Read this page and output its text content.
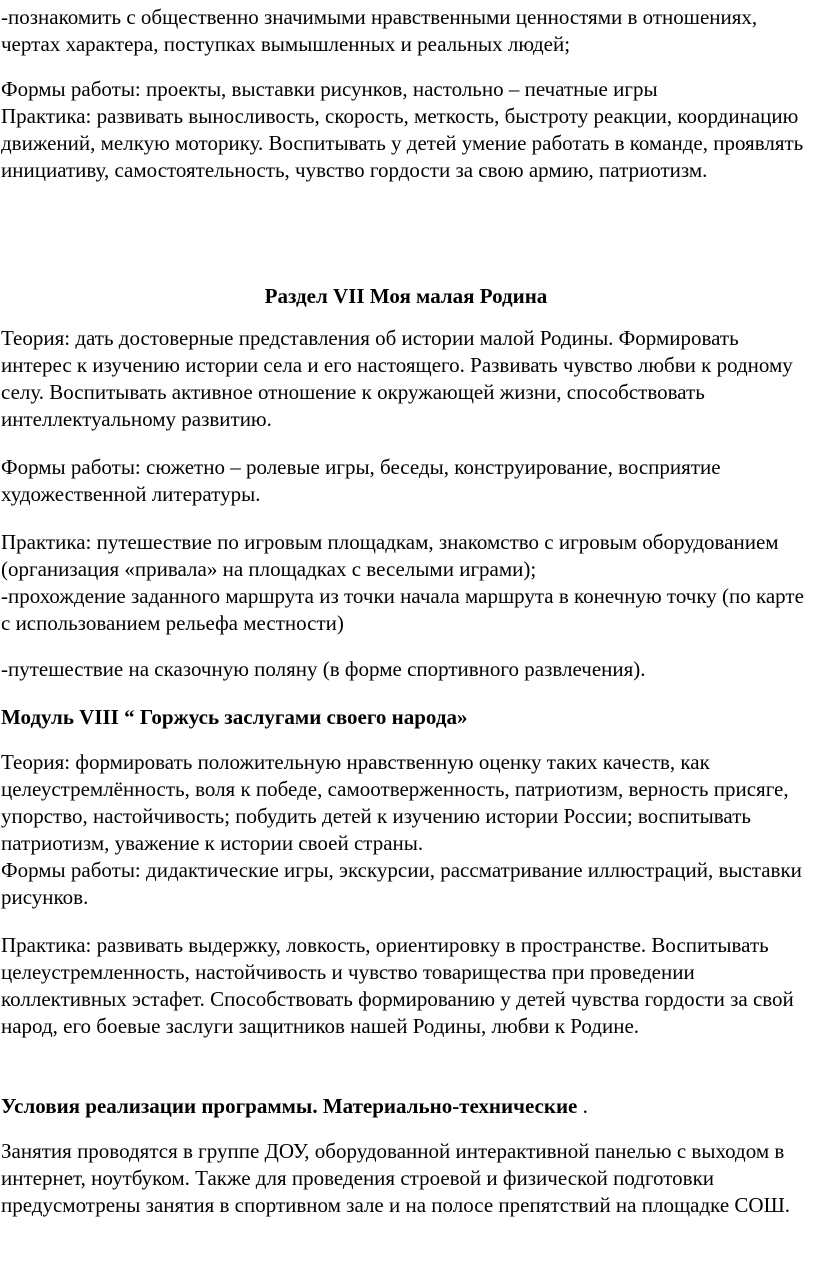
-познакомить с общественно значимыми нравственными ценностями в отношениях, чертах характера, поступках вымышленных и реальных людей;

Формы работы: проекты, выставки рисунков, настольно – печатные игры

Практика: развивать выносливость, скорость, меткость, быстроту реакции, координацию движений, мелкую моторику. Воспитывать у детей умение работать в команде, проявлять инициативу, самостоятельность, чувство гордости за свою армию, патриотизм.

Раздел VII Моя малая Родина

Теория: дать достоверные представления об истории малой Родины. Формировать интерес к изучению истории села и его настоящего. Развивать чувство любви к родному селу. Воспитывать активное отношение к окружающей жизни, способствовать интеллектуальному развитию.

Формы работы: сюжетно – ролевые игры, беседы, конструирование, восприятие художественной литературы.

Практика: путешествие по игровым площадкам, знакомство с игровым оборудованием (организация «привала» на площадках с веселыми играми);

-прохождение заданного маршрута из точки начала маршрута в конечную точку (по карте с использованием рельефа местности)

-путешествие на сказочную поляну (в форме спортивного развлечения).

Модуль VIII “ Горжусь заслугами своего народа»

Теория: формировать положительную нравственную оценку таких качеств, как целеустремлённость, воля к победе, самоотверженность, патриотизм, верность присяге, упорство, настойчивость; побудить детей к изучению истории России; воспитывать патриотизм, уважение к истории своей страны.

Формы работы: дидактические игры, экскурсии, рассматривание иллюстраций, выставки рисунков.

Практика: развивать выдержку, ловкость, ориентировку в пространстве. Воспитывать целеустремленность, настойчивость и чувство товарищества при проведении коллективных эстафет. Способствовать формированию у детей чувства гордости за свой народ, его боевые заслуги защитников нашей Родины, любви к Родине.

Условия реализации программы. Материально-технические .

Занятия проводятся в группе ДОУ, оборудованной интерактивной панелью с выходом в интернет, ноутбуком. Также для проведения строевой и физической подготовки предусмотрены занятия в спортивном зале и на полосе препятствий на площадке СОШ.
